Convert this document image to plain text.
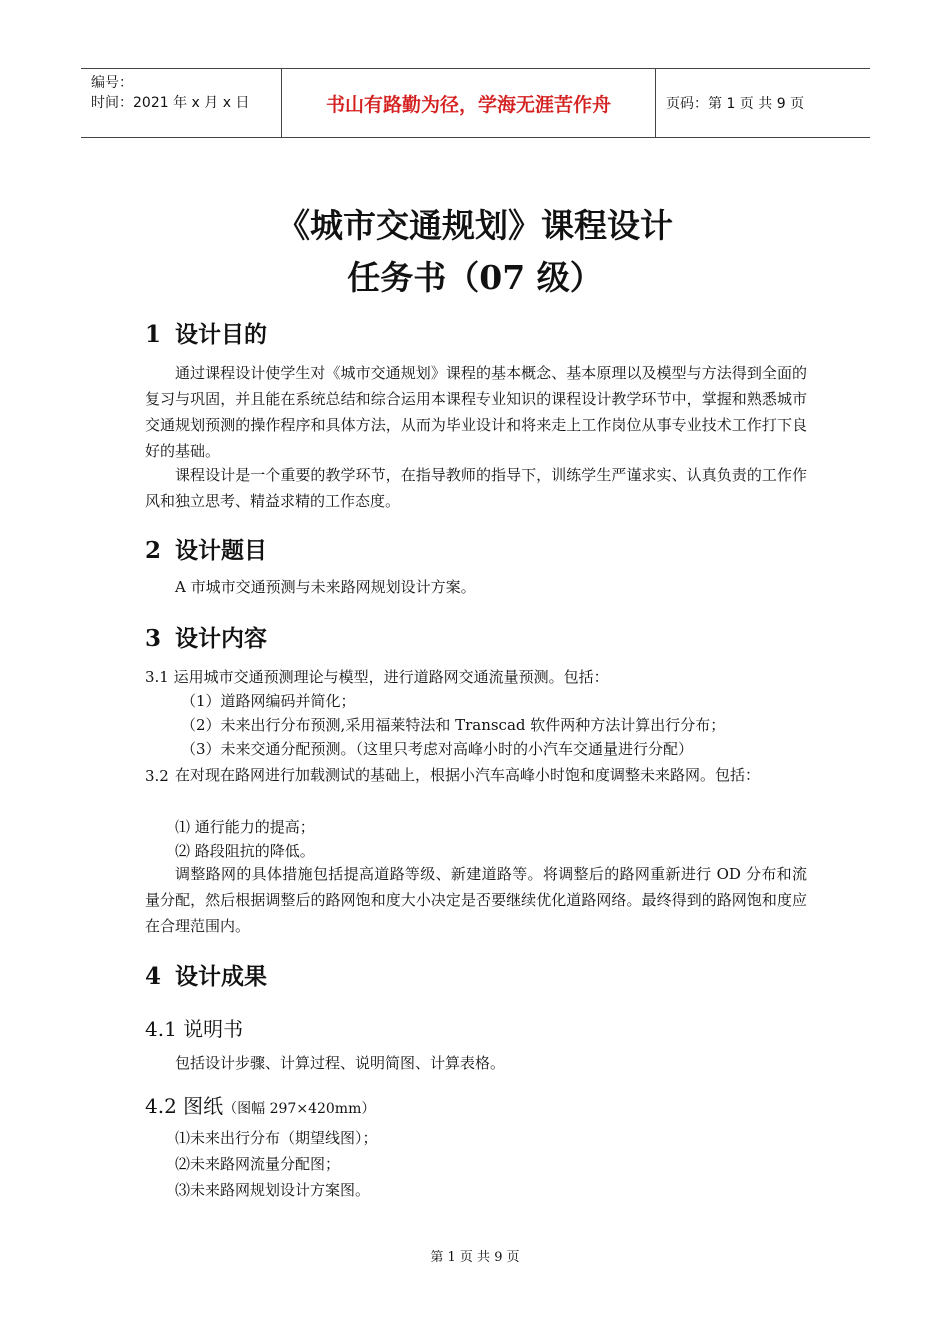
编号：
时间：2021 年 x 月 x 日	书山有路勤为径，学海无涯苦作舟	页码：第 1 页 共 9 页
《城市交通规划》课程设计
任务书（07 级）
1 设计目的
通过课程设计使学生对《城市交通规划》课程的基本概念、基本原理以及模型与方法得到全面的复习与巩固，并且能在系统总结和综合运用本课程专业知识的课程设计教学环节中，掌握和熟悉城市交通规划预测的操作程序和具体方法，从而为毕业设计和将来走上工作岗位从事专业技术工作打下良好的基础。
课程设计是一个重要的教学环节，在指导教师的指导下，训练学生严谨求实、认真负责的工作作风和独立思考、精益求精的工作态度。
2 设计题目
A 市城市交通预测与未来路网规划设计方案。
3 设计内容
3.1 运用城市交通预测理论与模型，进行道路网交通流量预测。包括：
（1）道路网编码并简化；
（2）未来出行分布预测,采用福莱特法和 Transcad 软件两种方法计算出行分布；
（3）未来交通分配预测。（这里只考虑对高峰小时的小汽车交通量进行分配）
3.2 在对现在路网进行加载测试的基础上，根据小汽车高峰小时饱和度调整未来路网。包括：
⑴ 通行能力的提高；
⑵ 路段阻抗的降低。
调整路网的具体措施包括提高道路等级、新建道路等。将调整后的路网重新进行 OD 分布和流量分配，然后根据调整后的路网饱和度大小决定是否要继续优化道路网络。最终得到的路网饱和度应在合理范围内。
4 设计成果
4.1 说明书
包括设计步骤、计算过程、说明简图、计算表格。
4.2 图纸（图幅 297×420mm）
⑴未来出行分布（期望线图）；
⑵未来路网流量分配图；
⑶未来路网规划设计方案图。
第 1 页 共 9 页
